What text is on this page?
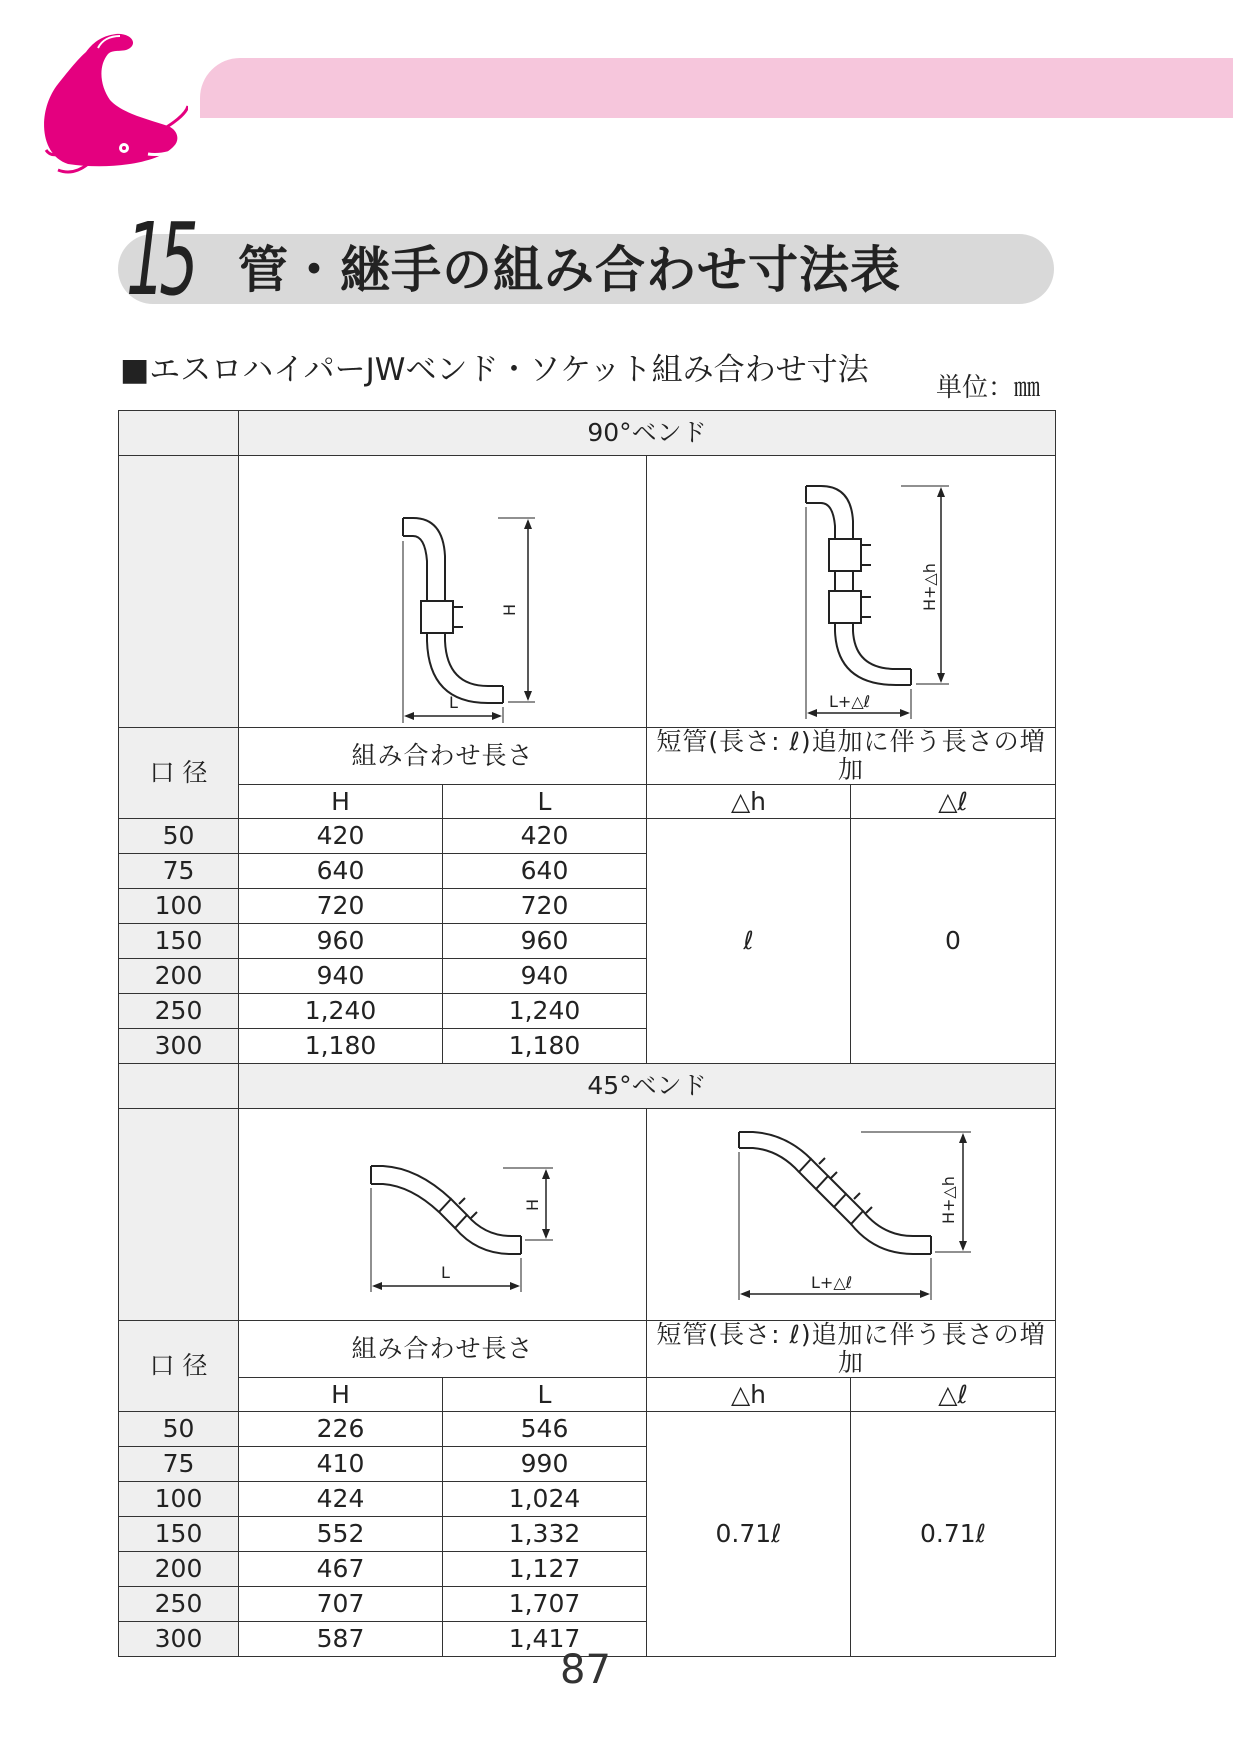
15 管・継手の組み合わせ寸法表
■エスロハイパーJWベンド・ソケット組み合わせ寸法	単位：㎜
	90°ベンド			

H
L		H+△h
L+△ℓ	

口 径	組み合わせ長さ		短管(長さ: ℓ)追加に伴う長さの増加	
	H	L	△h	△ℓ
50	420	420	ℓ	0
75	640	640		
100	720	720		
150	960	960		
200	940	940		
250	1,240	1,240		
300	1,180	1,180		
	45°ベンド			

H
L		H+△h
L+△ℓ	

口 径	組み合わせ長さ		短管(長さ: ℓ)追加に伴う長さの増加	
	H	L	△h	△ℓ
50	226	546	0.71ℓ	0.71ℓ
75	410	990		
100	424	1,024		
150	552	1,332		
200	467	1,127		
250	707	1,707		
300	587	1,417		
87
